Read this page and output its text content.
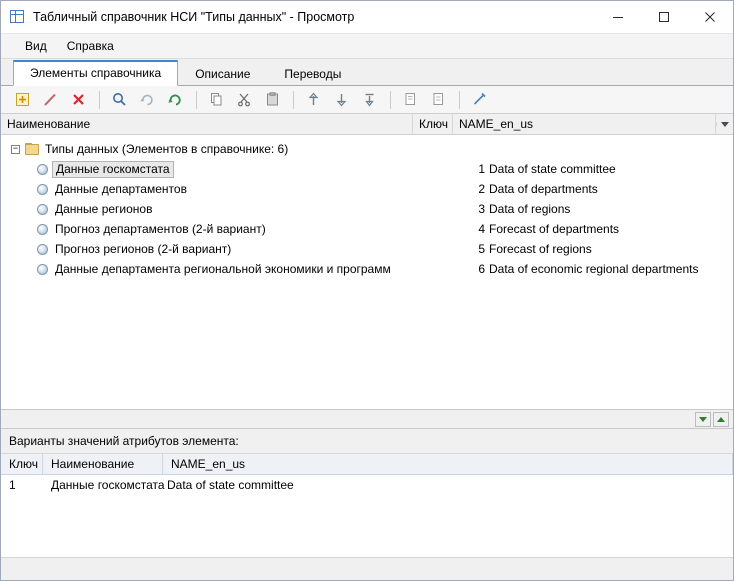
Табличный справочник НСИ "Типы данных" - Просмотр
Вид	Справка
Элементы справочника	Описание	Переводы
Наименование	Ключ NAME_en_us
− Типы данных (Элементов в справочнике: 6)
Данные госкомстата	1 Data of state committee
Данные департаментов	2 Data of departments
Данные регионов	3 Data of regions
Прогноз департаментов (2-й вариант)	4 Forecast of departments
Прогноз регионов (2-й вариант)	5 Forecast of regions
Данные департамента региональной экономики и программ	6 Data of economic regional departments
Варианты значений атрибутов элемента:
Ключ	Наименование	NAME_en_us
1	Данные госкомстата Data of state committee
